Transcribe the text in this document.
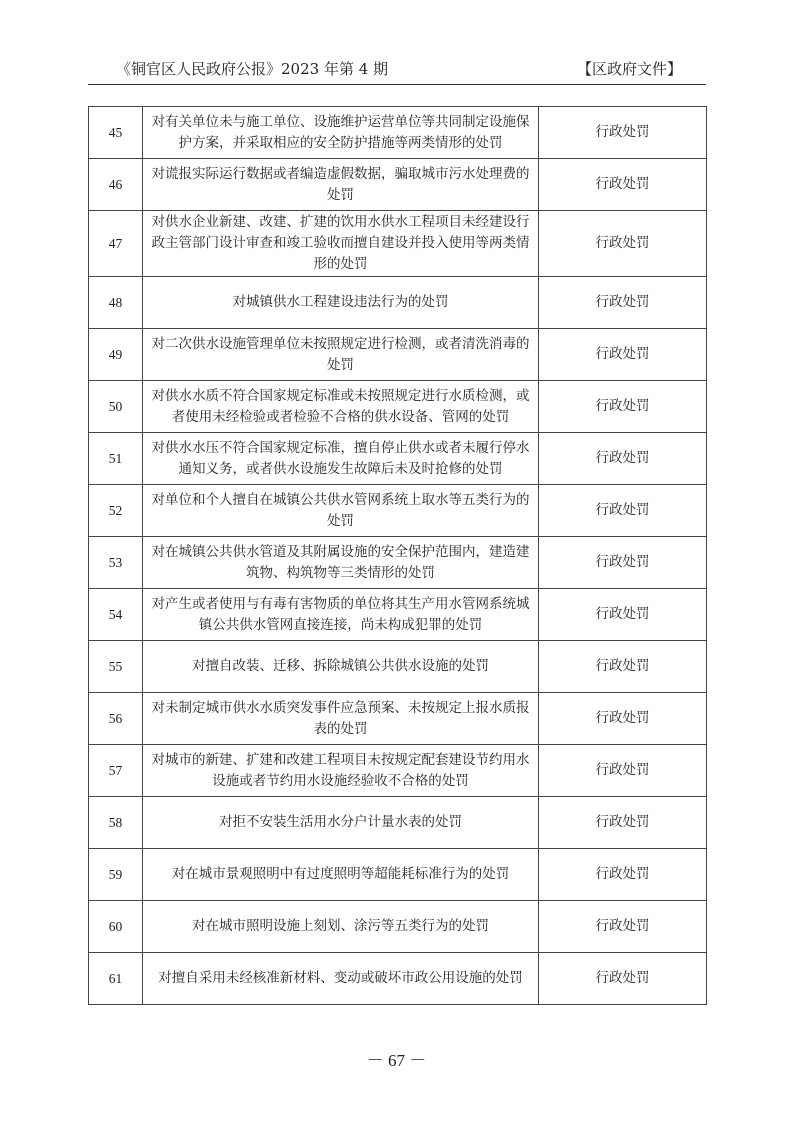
《铜官区人民政府公报》2023 年第 4 期	【区政府文件】
45	对有关单位未与施工单位、设施维护运营单位等共同制定设施保护方案，并采取相应的安全防护措施等两类情形的处罚	行政处罚
46	对谎报实际运行数据或者编造虚假数据，骗取城市污水处理费的处罚	行政处罚
47	对供水企业新建、改建、扩建的饮用水供水工程项目未经建设行政主管部门设计审查和竣工验收而擅自建设并投入使用等两类情形的处罚	行政处罚
48	对城镇供水工程建设违法行为的处罚	行政处罚
49	对二次供水设施管理单位未按照规定进行检测，或者清洗消毒的处罚	行政处罚
50	对供水水质不符合国家规定标准或未按照规定进行水质检测，或者使用未经检验或者检验不合格的供水设备、管网的处罚	行政处罚
51	对供水水压不符合国家规定标准，擅自停止供水或者未履行停水通知义务，或者供水设施发生故障后未及时抢修的处罚	行政处罚
52	对单位和个人擅自在城镇公共供水管网系统上取水等五类行为的处罚	行政处罚
53	对在城镇公共供水管道及其附属设施的安全保护范围内，建造建筑物、构筑物等三类情形的处罚	行政处罚
54	对产生或者使用与有毒有害物质的单位将其生产用水管网系统城镇公共供水管网直接连接，尚未构成犯罪的处罚	行政处罚
55	对擅自改装、迁移、拆除城镇公共供水设施的处罚	行政处罚
56	对未制定城市供水水质突发事件应急预案、未按规定上报水质报表的处罚	行政处罚
57	对城市的新建、扩建和改建工程项目未按规定配套建设节约用水设施或者节约用水设施经验收不合格的处罚	行政处罚
58	对拒不安装生活用水分户计量水表的处罚	行政处罚
59	对在城市景观照明中有过度照明等超能耗标准行为的处罚	行政处罚
60	对在城市照明设施上刻划、涂污等五类行为的处罚	行政处罚
61	对擅自采用未经核准新材料、变动或破坏市政公用设施的处罚	行政处罚
－ 67 －
